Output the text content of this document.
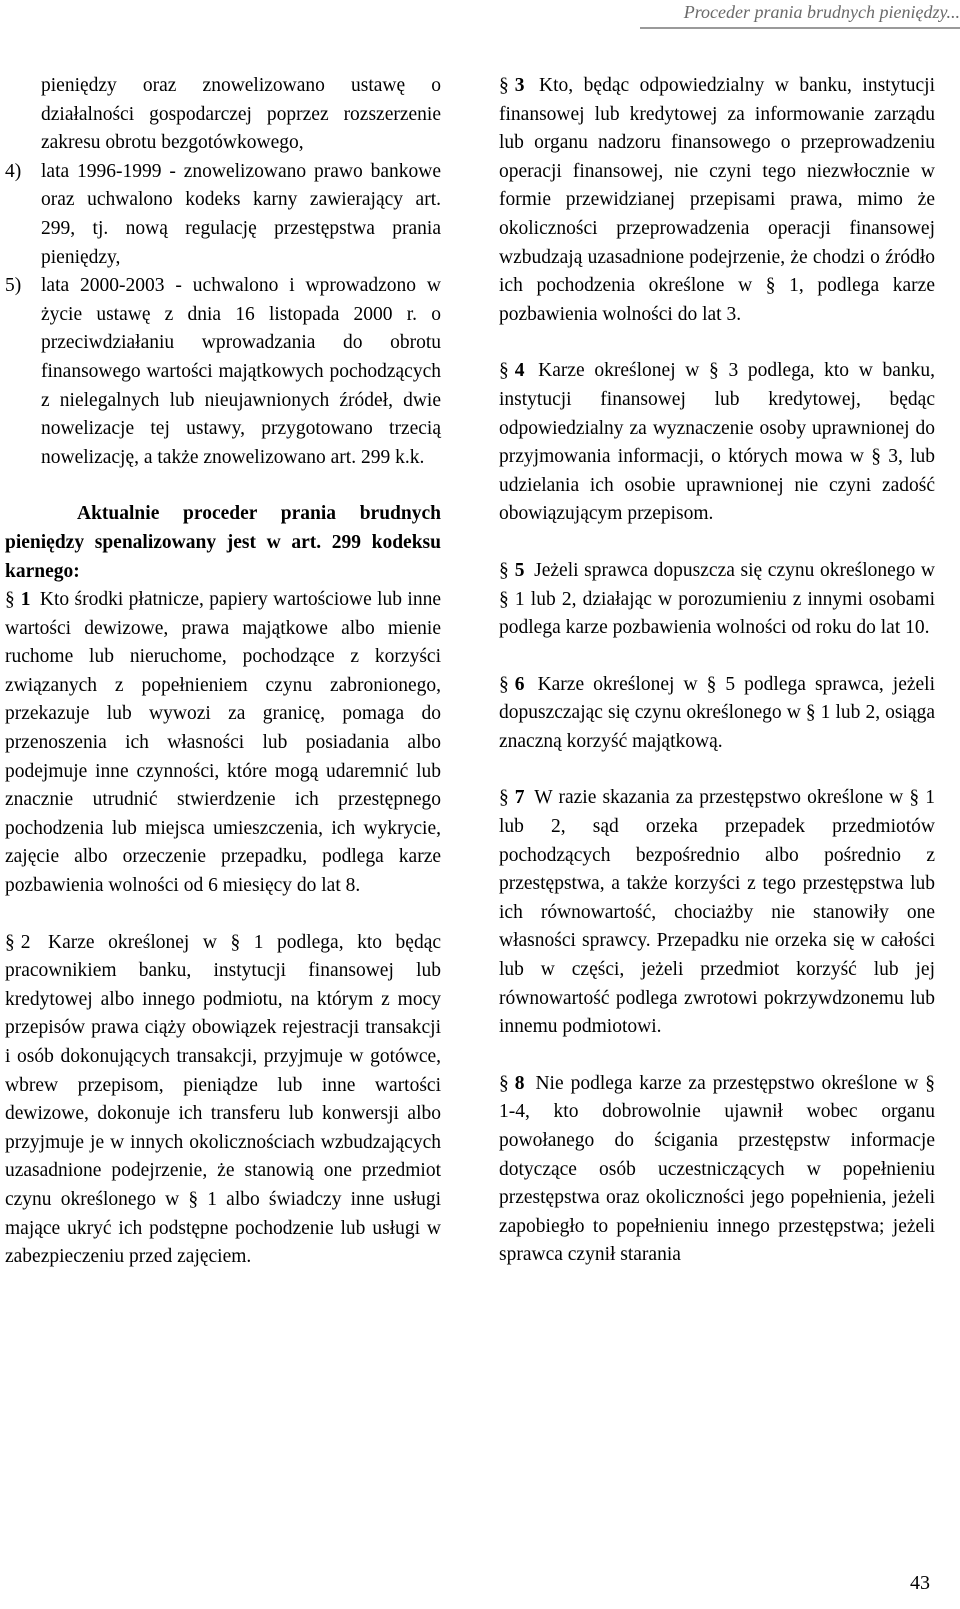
Proceder prania brudnych pieniędzy...

pieniędzy oraz znowelizowano ustawę o działalności gospodarczej poprzez rozszerzenie zakresu obrotu bezgotówkowego,

4)	lata 1996-1999 - znowelizowano prawo bankowe oraz uchwalono kodeks karny zawierający art. 299, tj. nową regulację przestępstwa prania pieniędzy,
5)	lata 2000-2003 - uchwalono i wprowadzono w życie ustawę z dnia 16 listopada 2000 r. o przeciwdziałaniu wprowadzania do obrotu finansowego wartości majątkowych pochodzących z nielegalnych lub nieujawnionych źródeł, dwie nowelizacje tej ustawy, przygotowano trzecią nowelizację, a także znowelizowano art. 299 k.k.

Aktualnie proceder prania brudnych pieniędzy spenalizowany jest w art. 299 kodeksu karnego:

§ 1 Kto środki płatnicze, papiery wartościowe lub inne wartości dewizowe, prawa majątkowe albo mienie ruchome lub nieruchome, pochodzące z korzyści związanych z popełnieniem czynu zabronionego, przekazuje lub wywozi za granicę, pomaga do przenoszenia ich własności lub posiadania albo podejmuje inne czynności, które mogą udaremnić lub znacznie utrudnić stwierdzenie ich przestępnego pochodzenia lub miejsca umieszczenia, ich wykrycie, zajęcie albo orzeczenie przepadku, podlega karze pozbawienia wolności od 6 miesięcy do lat 8.

§ 2 Karze określonej w § 1 podlega, kto będąc pracownikiem banku, instytucji finansowej lub kredytowej albo innego podmiotu, na którym z mocy przepisów prawa ciąży obowiązek rejestracji transakcji i osób dokonujących transakcji, przyjmuje w gotówce, wbrew przepisom, pieniądze lub inne wartości dewizowe, dokonuje ich transferu lub konwersji albo przyjmuje je w innych okolicznościach wzbudzających uzasadnione podejrzenie, że stanowią one przedmiot czynu określonego w § 1 albo świadczy inne usługi mające ukryć ich podstępne pochodzenie lub usługi w zabezpieczeniu przed zajęciem.

§ 3 Kto, będąc odpowiedzialny w banku, instytucji finansowej lub kredytowej za informowanie zarządu lub organu nadzoru finansowego o przeprowadzeniu operacji finansowej, nie czyni tego niezwłocznie w formie przewidzianej przepisami prawa, mimo że okoliczności przeprowadzenia operacji finansowej wzbudzają uzasadnione podejrzenie, że chodzi o źródło ich pochodzenia określone w § 1, podlega karze pozbawienia wolności do lat 3.

§ 4 Karze określonej w § 3 podlega, kto w banku, instytucji finansowej lub kredytowej, będąc odpowiedzialny za wyznaczenie osoby uprawnionej do przyjmowania informacji, o których mowa w § 3, lub udzielania ich osobie uprawnionej nie czyni zadość obowiązującym przepisom.

§ 5 Jeżeli sprawca dopuszcza się czynu określonego w § 1 lub 2, działając w porozumieniu z innymi osobami podlega karze pozbawienia wolności od roku do lat 10.

§ 6 Karze określonej w § 5 podlega sprawca, jeżeli dopuszczając się czynu określonego w § 1 lub 2, osiąga znaczną korzyść majątkową.

§ 7 W razie skazania za przestępstwo określone w § 1 lub 2, sąd orzeka przepadek przedmiotów pochodzących bezpośrednio albo pośrednio z przestępstwa, a także korzyści z tego przestępstwa lub ich równowartość, chociażby nie stanowiły one własności sprawcy. Przepadku nie orzeka się w całości lub w części, jeżeli przedmiot korzyść lub jej równowartość podlega zwrotowi pokrzywdzonemu lub innemu podmiotowi.

§ 8 Nie podlega karze za przestępstwo określone w § 1-4, kto dobrowolnie ujawnił wobec organu powołanego do ścigania przestępstw informacje dotyczące osób uczestniczących w popełnieniu przestępstwa oraz okoliczności jego popełnienia, jeżeli zapobiegło to popełnieniu innego przestępstwa; jeżeli sprawca czynił starania

43
